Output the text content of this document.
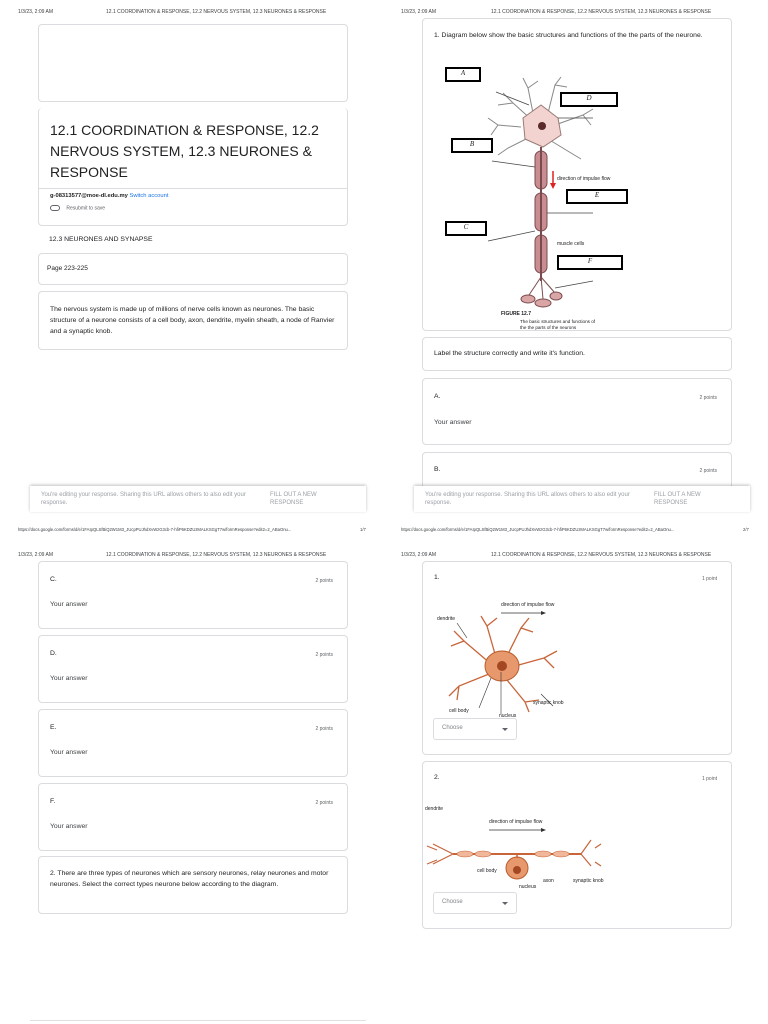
1/3/23, 2:09 AM	12.1 COORDINATION & RESPONSE, 12.2 NERVOUS SYSTEM, 12.3 NEURONES & RESPONSE
12.1 COORDINATION & RESPONSE, 12.2 NERVOUS SYSTEM, 12.3 NEURONES & RESPONSE
g-08313577@moe-dl.edu.my Switch account
Resubmit to save
12.3 NEURONES AND SYNAPSE
Page 223-225
The nervous system is made up of millions of nerve cells known as neurones. The basic structure of a neurone consists of a cell body, axon, dendrite, myelin sheath, a node of Ranvier and a synaptic knob.
You're editing your response. Sharing this URL allows others to also edit your response.
FILL OUT A NEW RESPONSE
https://docs.google.com/forms/d/e/1FAIpQLSfBiQ2W1M3_JUcpPUJhdXvWzG3cb-7-hfiP6KDZUzMALKSGgT7w/formResponse?edit2=2_ABaOnu...	1/7
1/3/23, 2:09 AM	12.1 COORDINATION & RESPONSE, 12.2 NERVOUS SYSTEM, 12.3 NEURONES & RESPONSE
1. Diagram below show the basic structures and functions of the the parts of the neurone.
direction of impulse flow
muscle cells
FIGURE 12.7
A
D
B
E
C
F
The basic structures and functions of the the parts of the neurons
Label the structure correctly and write it's function.
A.	2 points
Your answer
B.	2 points
You're editing your response. Sharing this URL allows others to also edit your response.
FILL OUT A NEW RESPONSE
https://docs.google.com/forms/d/e/1FAIpQLSfBiQ2W1M3_JUcpPUJhdXvWzG3cb-7-hfiP6KDZUzMALKSGgT7w/formResponse?edit2=2_ABaOnu...	2/7
1/3/23, 2:09 AM	12.1 COORDINATION & RESPONSE, 12.2 NERVOUS SYSTEM, 12.3 NEURONES & RESPONSE
C.	2 points
Your answer
D.	2 points
Your answer
E.	2 points
Your answer
F.	2 points
Your answer
2. There are three types of neurones which are sensory neurones, relay neurones and motor neurones. Select the correct types neurone below according to the diagram.
1/3/23, 2:09 AM	12.1 COORDINATION & RESPONSE, 12.2 NERVOUS SYSTEM, 12.3 NEURONES & RESPONSE
1.	1 point
direction of impulse flow
dendrite
cell body
nucleus
synaptic knob
Choose
2.	1 point
dendrite
direction of impulse flow
cell body
nucleus
axon	synaptic knob
Choose
